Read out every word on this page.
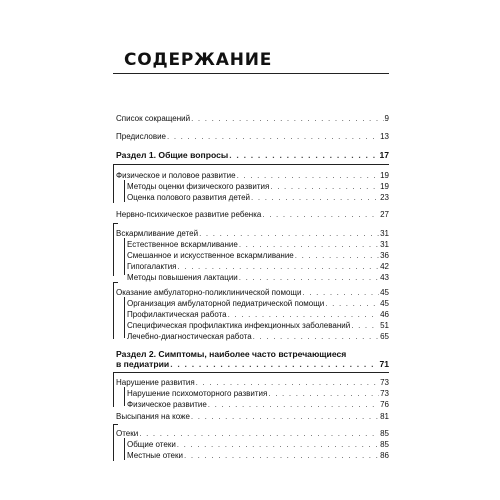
СОДЕРЖАНИЕ
Список сокращений . . .	9
Предисловие . . .	13
Раздел 1. Общие вопросы . . .	17
Физическое и половое развитие . . .	19
Методы оценки физического развития . . .	19
Оценка полового развития детей . . .	23
Нервно-психическое развитие ребенка . . .	27
Вскармливание детей . . .	31
Естественное вскармливание . . .	31
Смешанное и искусственное вскармливание . . .	36
Гипогалактия . . .	42
Методы повышения лактации . . .	43
Оказание амбулаторно-поликлинической помощи . . .	45
Организация амбулаторной педиатрической помощи . . .	45
Профилактическая работа . . .	46
Специфическая профилактика инфекционных заболеваний . . .	51
Лечебно-диагностическая работа . . .	65
Раздел 2. Симптомы, наиболее часто встречающиеся
в педиатрии . . .	71
Нарушение развития . . .	73
Нарушение психомоторного развития . . .	73
Физическое развитие . . .	76
Высыпания на коже . . .	81
Отеки . . .	85
Общие отеки . . .	85
Местные отеки . . .	86
